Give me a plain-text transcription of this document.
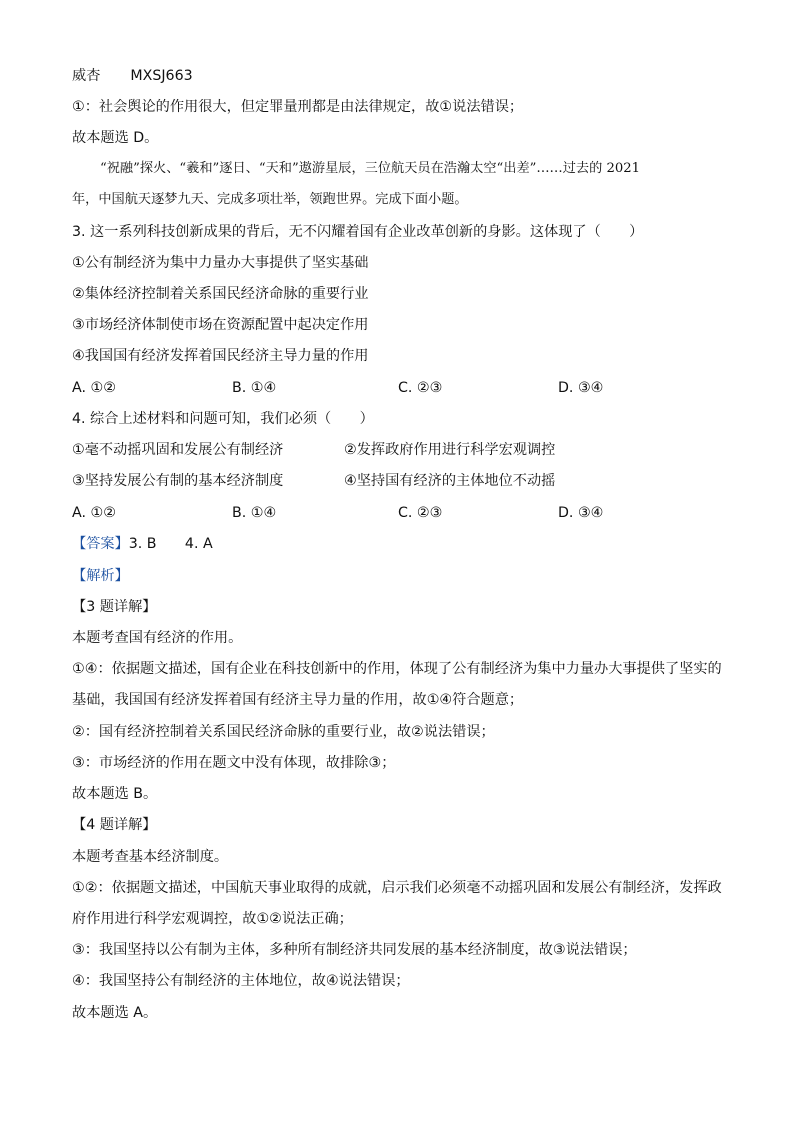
威杏 MXSJ663
①：社会舆论的作用很大，但定罪量刑都是由法律规定，故①说法错误；
故本题选 D。
“祝融”探火、“羲和”逐日、“天和”遨游星辰，三位航天员在浩瀚太空“出差”……过去的 2021
年，中国航天逐梦九天、完成多项壮举，领跑世界。完成下面小题。
3. 这一系列科技创新成果的背后，无不闪耀着国有企业改革创新的身影。这体现了（　　）
①公有制经济为集中力量办大事提供了坚实基础
②集体经济控制着关系国民经济命脉的重要行业
③市场经济体制使市场在资源配置中起决定作用
④我国国有经济发挥着国民经济主导力量的作用
A. ①②	B. ①④	C. ②③	D. ③④
4. 综合上述材料和问题可知，我们必须（　　）
①毫不动摇巩固和发展公有制经济	②发挥政府作用进行科学宏观调控
③坚持发展公有制的基本经济制度	④坚持国有经济的主体地位不动摇
A. ①②	B. ①④	C. ②③	D. ③④
【答案】3. B　　4. A
【解析】
【3 题详解】
本题考查国有经济的作用。
①④：依据题文描述，国有企业在科技创新中的作用，体现了公有制经济为集中力量办大事提供了坚实的
基础，我国国有经济发挥着国有经济主导力量的作用，故①④符合题意；
②：国有经济控制着关系国民经济命脉的重要行业，故②说法错误；
③：市场经济的作用在题文中没有体现，故排除③；
故本题选 B。
【4 题详解】
本题考查基本经济制度。
①②：依据题文描述，中国航天事业取得的成就，启示我们必须毫不动摇巩固和发展公有制经济，发挥政
府作用进行科学宏观调控，故①②说法正确；
③：我国坚持以公有制为主体，多种所有制经济共同发展的基本经济制度，故③说法错误；
④：我国坚持公有制经济的主体地位，故④说法错误；
故本题选 A。
